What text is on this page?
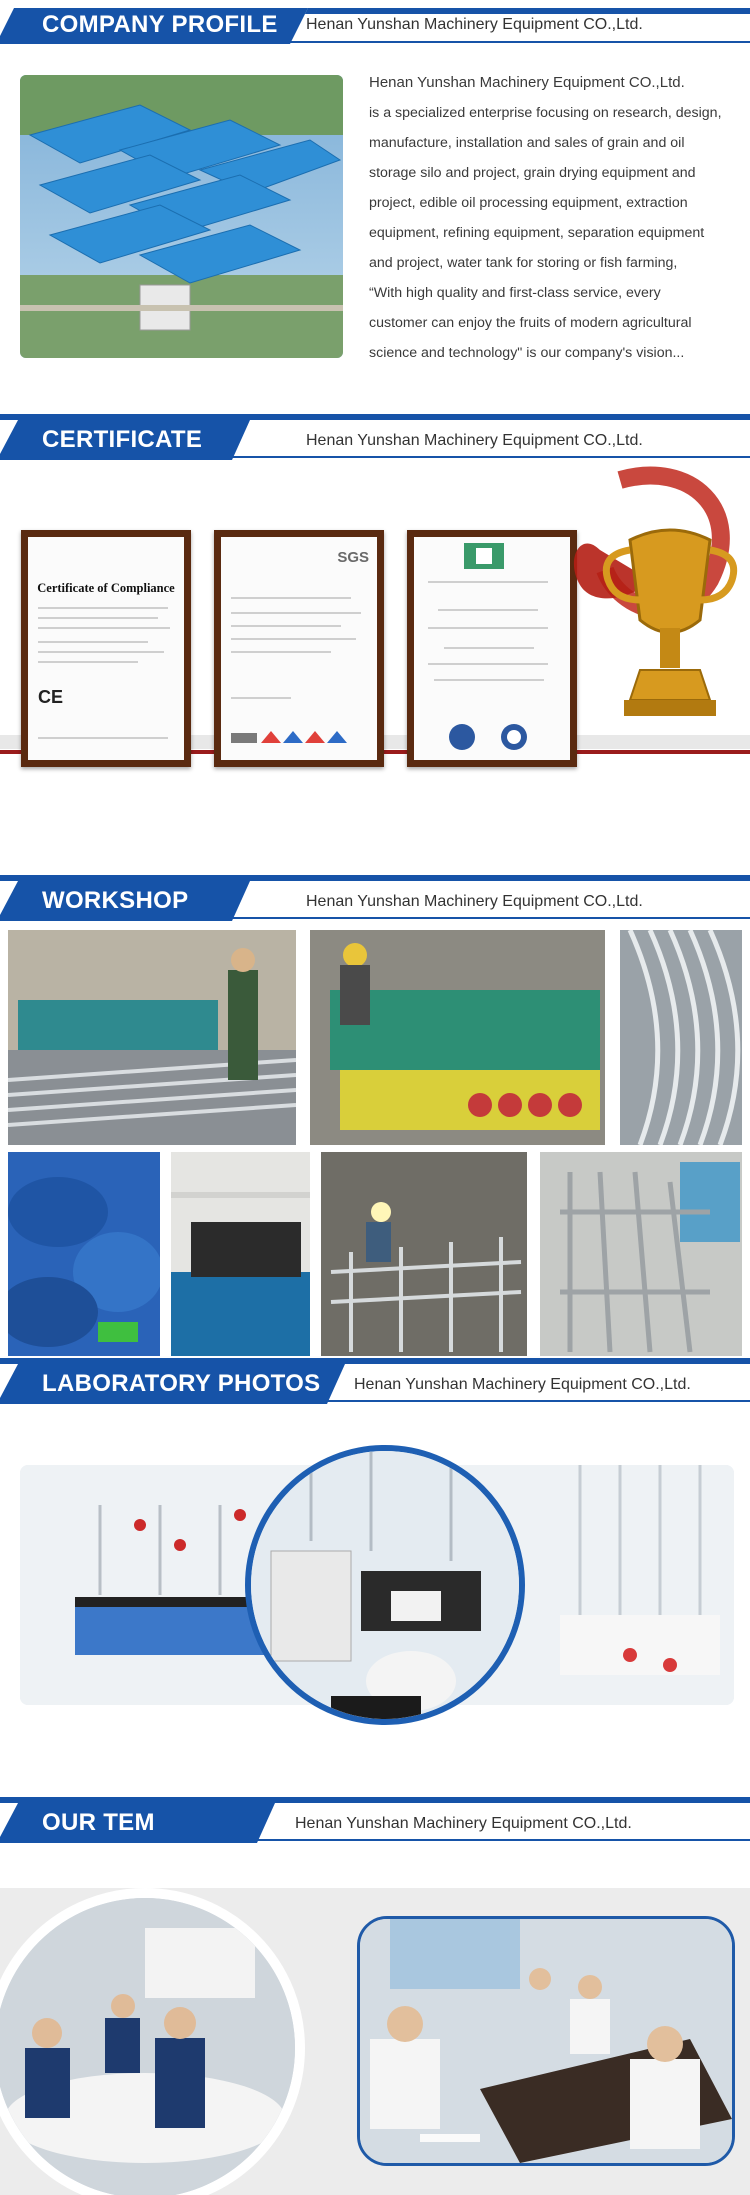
COMPANY PROFILE Henan Yunshan Machinery Equipment CO.,Ltd.
Henan Yunshan Machinery Equipment CO.,Ltd.
is a specialized enterprise focusing on research, design,
manufacture, installation and sales of grain and oil
storage silo and project, grain drying equipment and
project, edible oil processing equipment, extraction
equipment, refining equipment, separation equipment
and project, water tank for storing or fish farming,
“With high quality and first-class service, every
customer can enjoy the fruits of modern agricultural
science and technology" is our company's vision...
CERTIFICATE	Henan Yunshan Machinery Equipment CO.,Ltd.
Certificate of Compliance
CE
SGS
WORKSHOP	Henan Yunshan Machinery Equipment CO.,Ltd.
LABORATORY PHOTOS Henan Yunshan Machinery Equipment CO.,Ltd.
OUR TEM	Henan Yunshan Machinery Equipment CO.,Ltd.
